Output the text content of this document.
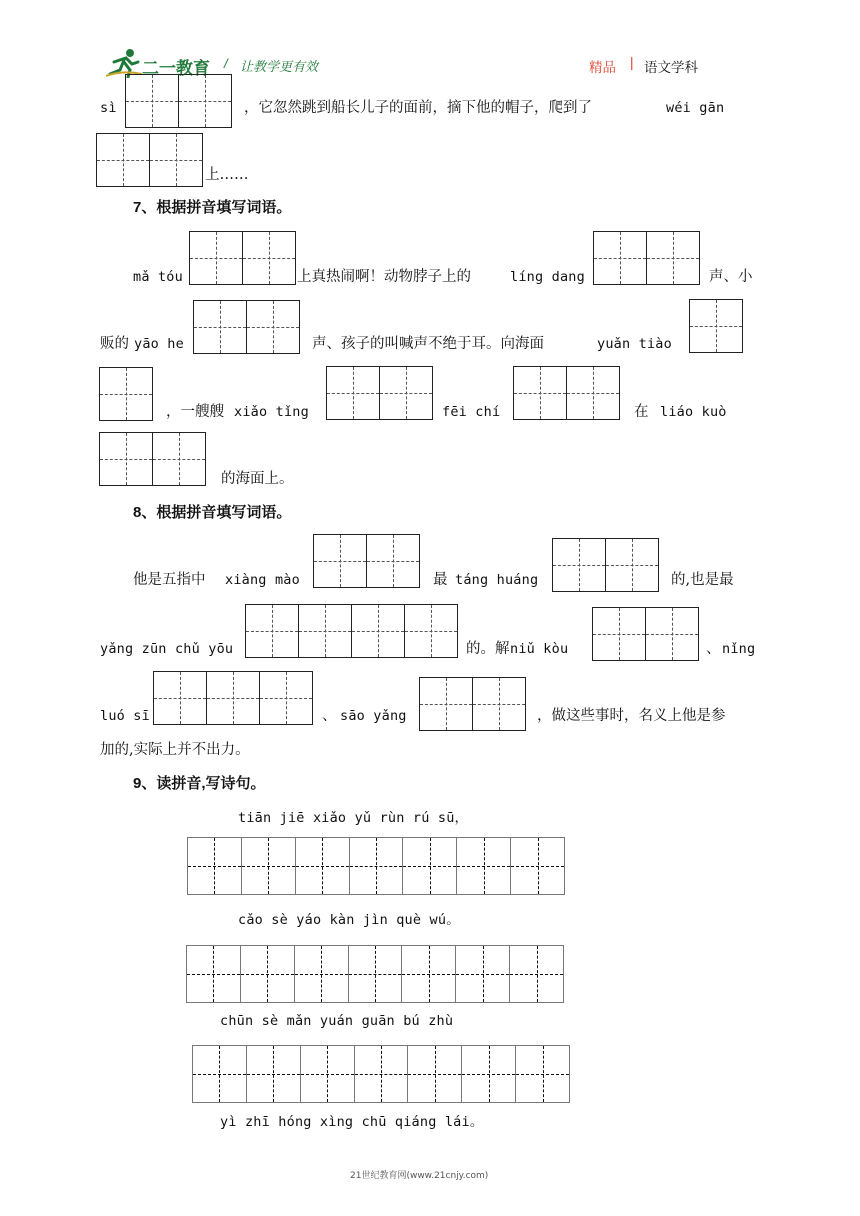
二一教育 / 让教学更有效	精品 | 语文学科
sì	，它忽然跳到船长儿子的面前，摘下他的帽子，爬到了	wéi gān
上……
7、根据拼音填写词语。
mǎ tóu	上真热闹啊！动物脖子上的	líng dang	声、小
贩的 yāo he	声、孩子的叫喊声不绝于耳。向海面	yuǎn tiào
，一艘艘 xiǎo tǐng	fēi chí	在 liáo kuò
的海面上。
8、根据拼音填写词语。
他是五指中 xiàng mào	最 táng huáng	的,也是最
yǎng zūn chǔ yōu	的。解 niǔ kòu	、 nǐng
luó sī	、 sāo yǎng	，做这些事时，名义上他是参
加的,实际上并不出力。
9、读拼音,写诗句。
tiān jiē xiǎo yǔ rùn rú sū，
cǎo sè yáo kàn jìn què wú。
chūn sè mǎn yuán guān bú zhù
yì zhī hóng xìng chū qiáng lái。
21世纪教育网(www.21cnjy.com)
